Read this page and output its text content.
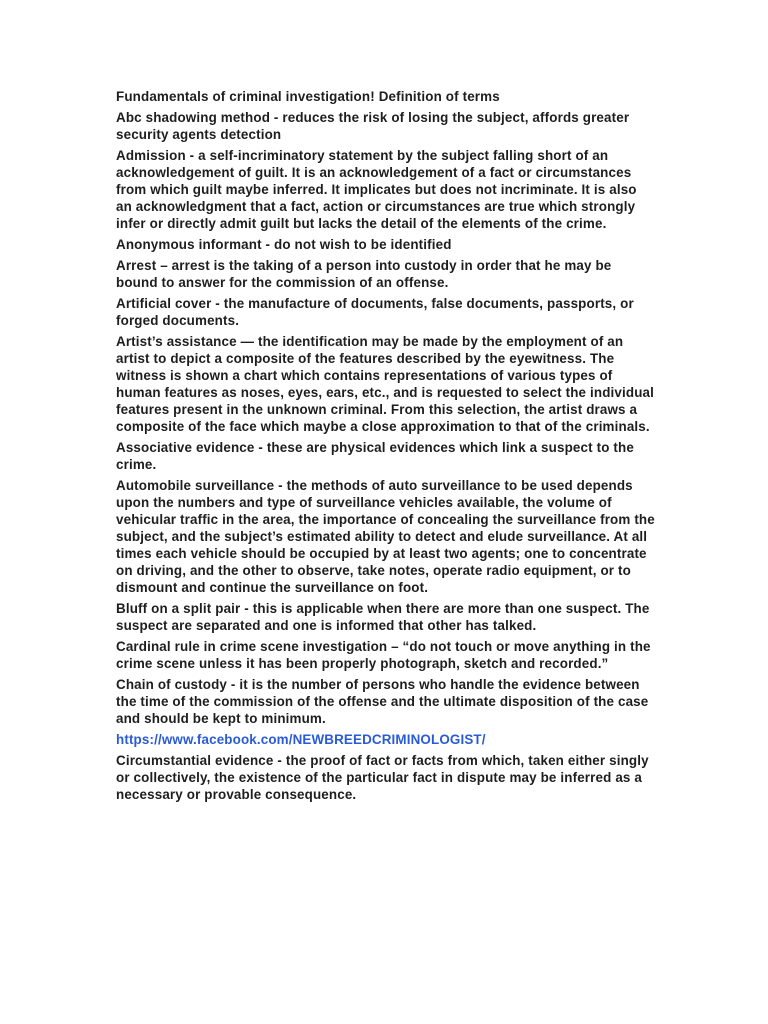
Fundamentals of criminal investigation! Definition of terms

Abc shadowing method - reduces the risk of losing the subject, affords greater security agents detection

Admission - a self-incriminatory statement by the subject falling short of an acknowledgement of guilt. It is an acknowledgement of a fact or circumstances from which guilt maybe inferred. It implicates but does not incriminate. It is also an acknowledgment that a fact, action or circumstances are true which strongly infer or directly admit guilt but lacks the detail of the elements of the crime.

Anonymous informant - do not wish to be identified

Arrest – arrest is the taking of a person into custody in order that he may be bound to answer for the commission of an offense.

Artificial cover - the manufacture of documents, false documents, passports, or forged documents.

Artist’s assistance — the identification may be made by the employment of an artist to depict a composite of the features described by the eyewitness. The witness is shown a chart which contains representations of various types of human features as noses, eyes, ears, etc., and is requested to select the individual features present in the unknown criminal. From this selection, the artist draws a composite of the face which maybe a close approximation to that of the criminals.

Associative evidence - these are physical evidences which link a suspect to the crime.

Automobile surveillance - the methods of auto surveillance to be used depends upon the numbers and type of surveillance vehicles available, the volume of vehicular traffic in the area, the importance of concealing the surveillance from the subject, and the subject’s estimated ability to detect and elude surveillance. At all times each vehicle should be occupied by at least two agents; one to concentrate on driving, and the other to observe, take notes, operate radio equipment, or to dismount and continue the surveillance on foot.

Bluff on a split pair - this is applicable when there are more than one suspect. The suspect are separated and one is informed that other has talked.

Cardinal rule in crime scene investigation – “do not touch or move anything in the crime scene unless it has been properly photograph, sketch and recorded.”

Chain of custody - it is the number of persons who handle the evidence between the time of the commission of the offense and the ultimate disposition of the case and should be kept to minimum.

https://www.facebook.com/NEWBREEDCRIMINOLOGIST/

Circumstantial evidence - the proof of fact or facts from which, taken either singly or collectively, the existence of the particular fact in dispute may be inferred as a necessary or provable consequence.
